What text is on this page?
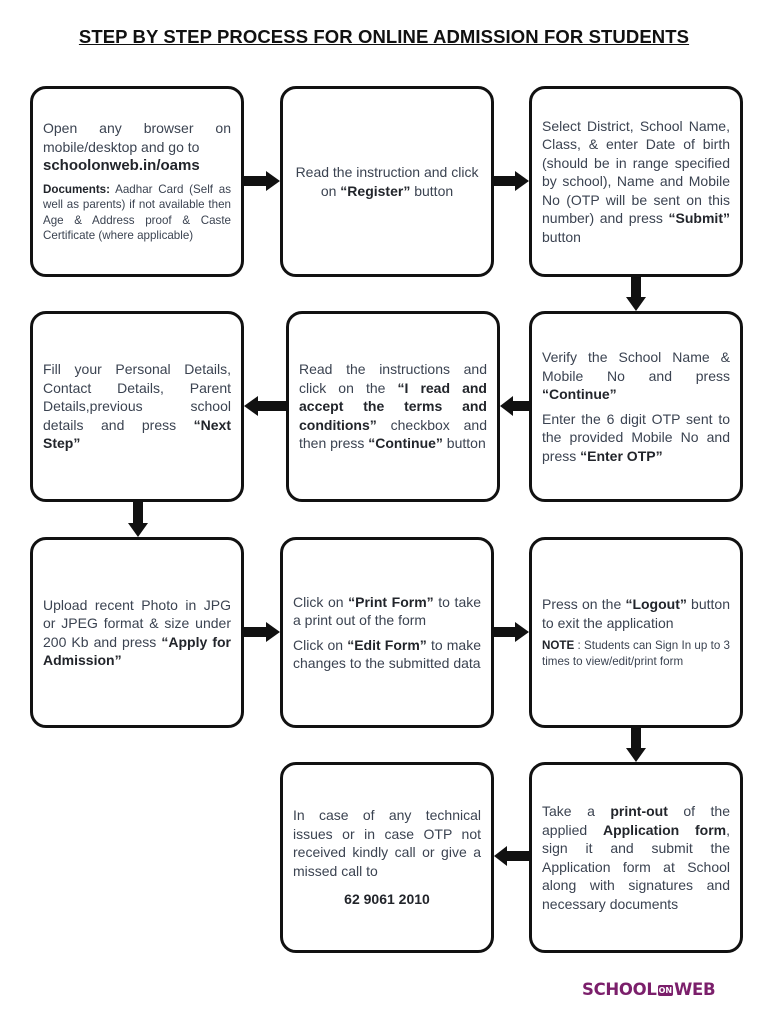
STEP BY STEP PROCESS FOR ONLINE ADMISSION FOR STUDENTS

Open any browser on mobile/desktop and go to
schoolonweb.in/oams

Documents: Aadhar Card (Self as well as parents) if not available then Age & Address proof & Caste Certificate (where applicable)

Read the instruction and click on “Register” button

Select District, School Name, Class, & enter Date of birth (should be in range specified by school), Name and Mobile No (OTP will be sent on this number) and press “Submit” button

Fill your Personal Details, Contact Details, Parent Details,previous school details and press “Next Step”

Read the instructions and click on the “I read and accept the terms and conditions” checkbox and then press “Continue” button

Verify the School Name & Mobile No and press “Continue”

Enter the 6 digit OTP sent to the provided Mobile No and press “Enter OTP”

Upload recent Photo in JPG or JPEG format & size under 200 Kb and press “Apply for Admission”

Click on “Print Form” to take a print out of the form

Click on “Edit Form” to make changes to the submitted data

Press on the “Logout” button to exit the application

NOTE : Students can Sign In up to 3 times to view/edit/print form

In case of any technical issues or in case OTP not received kindly call or give a missed call to

62 9061 2010

Take a print-out of the applied Application form, sign it and submit the Application form at School along with signatures and necessary documents

SCHOOL ON WEB
